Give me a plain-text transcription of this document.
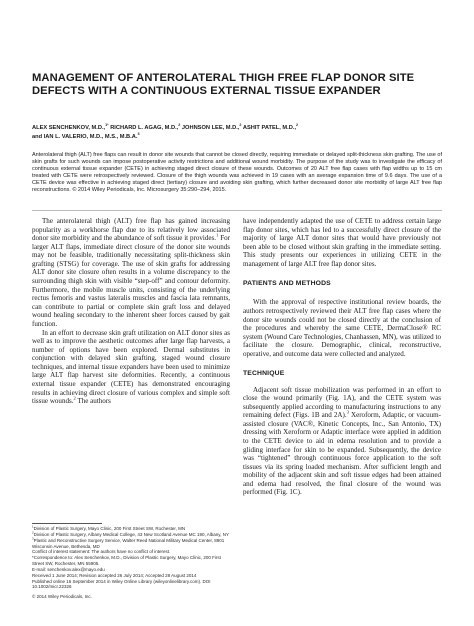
MANAGEMENT OF ANTEROLATERAL THIGH FREE FLAP DONOR SITE DEFECTS WITH A CONTINUOUS EXTERNAL TISSUE EXPANDER
ALEX SENCHENKOV, M.D.,$^{1*}$ RICHARD L. AGAG, M.D.,$^2$ JOHNSON LEE, M.D.,$^2$ ASHIT PATEL, M.D.,$^2$
and IAN L. VALERIO, M.D., M.S., M.B.A.$^3$

Anterolateral thigh (ALT) free flaps can result in donor site wounds that cannot be closed directly, requiring immediate or delayed split-thickness skin grafting. The use of skin grafts for such wounds can impose postoperative activity restrictions and additional wound morbidity. The purpose of the study was to investigate the efficacy of continuous external tissue expander (CETE) in achieving staged direct closure of these wounds. Outcomes of 20 ALT free flap cases with flap widths up to 15 cm treated with CETE were retrospectively reviewed. Closure of the thigh wounds was achieved in 19 cases with an average expansion time of 9.6 days. The use of a CETE device was effective in achieving staged direct (tertiary) closure and avoiding skin grafting, which further decreased donor site morbidity of large ALT free flap reconstructions. © 2014 Wiley Periodicals, Inc. Microsurgery 35:290–294, 2015.

The anterolateral thigh (ALT) free flap has gained increasing popularity as a workhorse flap due to its relatively low associated donor site morbidity and the abundance of soft tissue it provides.$^1$ For larger ALT flaps, immediate direct closure of the donor site wounds may not be feasible, traditionally necessitating split-thickness skin grafting (STSG) for coverage. The use of skin grafts for addressing ALT donor site closure often results in a volume discrepancy to the surrounding thigh skin with visible “step-off” and contour deformity. Furthermore, the mobile muscle units, consisting of the underlying rectus femoris and vastus lateralis muscles and fascia lata remnants, can contribute to partial or complete skin graft loss and delayed wound healing secondary to the inherent sheer forces caused by gait function.

In an effort to decrease skin graft utilization on ALT donor sites as well as to improve the aesthetic outcomes after large flap harvests, a number of options have been explored. Dermal substitutes in conjunction with delayed skin grafting, staged wound closure techniques, and internal tissue expanders have been used to minimize large ALT flap harvest site deformities. Recently, a continuous external tissue expander (CETE) has demonstrated encouraging results in achieving direct closure of various complex and simple soft tissue wounds.$^2$ The authors

$^1$Division of Plastic Surgery, Mayo Clinic, 200 First Street SW, Rochester, MN
$^2$Division of Plastic Surgery, Albany Medical College, 43 New Scotland Avenue MC 190, Albany, NY
$^3$Plastic and Reconstructive Surgery Service, Walter Reed National Military Medical Center, 8901 Wisconsin Avenue, Bethesda, MD
Conflict of interest statement: The authors have no conflict of interest.
*Correspondence to: Alex Senchenkov, M.D., Division of Plastic Surgery, Mayo Clinic, 200 First Street SW, Rochester, MN 55905.
E-mail: senchenkov.alex@mayo.edu
Received 1 June 2014; Revision accepted 26 July 2014; Accepted 28 August 2014
Published online 16 September 2014 in Wiley Online Library (wileyonlinelibrary.com). DOI 10.1002/micr.22326
© 2014 Wiley Periodicals, Inc.

have independently adapted the use of CETE to address certain large flap donor sites, which has led to a successfully direct closure of the majority of large ALT donor sites that would have previously not been able to be closed without skin grafting in the immediate setting. This study presents our experiences in utilizing CETE in the management of large ALT free flap donor sites.

PATIENTS AND METHODS

With the approval of respective institutional review boards, the authors retrospectively reviewed their ALT free flap cases where the donor site wounds could not be closed directly at the conclusion of the procedures and whereby the same CETE, DermaClose® RC system (Wound Care Technologies, Chanhassen, MN), was utilized to facilitate the closure. Demographic, clinical, reconstructive, operative, and outcome data were collected and analyzed.

TECHNIQUE

Adjacent soft tissue mobilization was performed in an effort to close the wound primarily (Fig. 1A), and the CETE system was subsequently applied according to manufacturing instructions to any remaining defect (Figs. 1B and 2A).$^3$ Xeroform, Adaptic, or vacuum-assisted closure (VAC®, Kinetic Concepts, Inc., San Antonio, TX) dressing with Xeroform or Adaptic interface were applied in addition to the CETE device to aid in edema resolution and to provide a gliding interface for skin to be expanded. Subsequently, the device was “tightened” through continuous force application to the soft tissues via its spring loaded mechanism. After sufficient length and mobility of the adjacent skin and soft tissue edges had been attained and edema had resolved, the final closure of the wound was performed (Fig. 1C).
